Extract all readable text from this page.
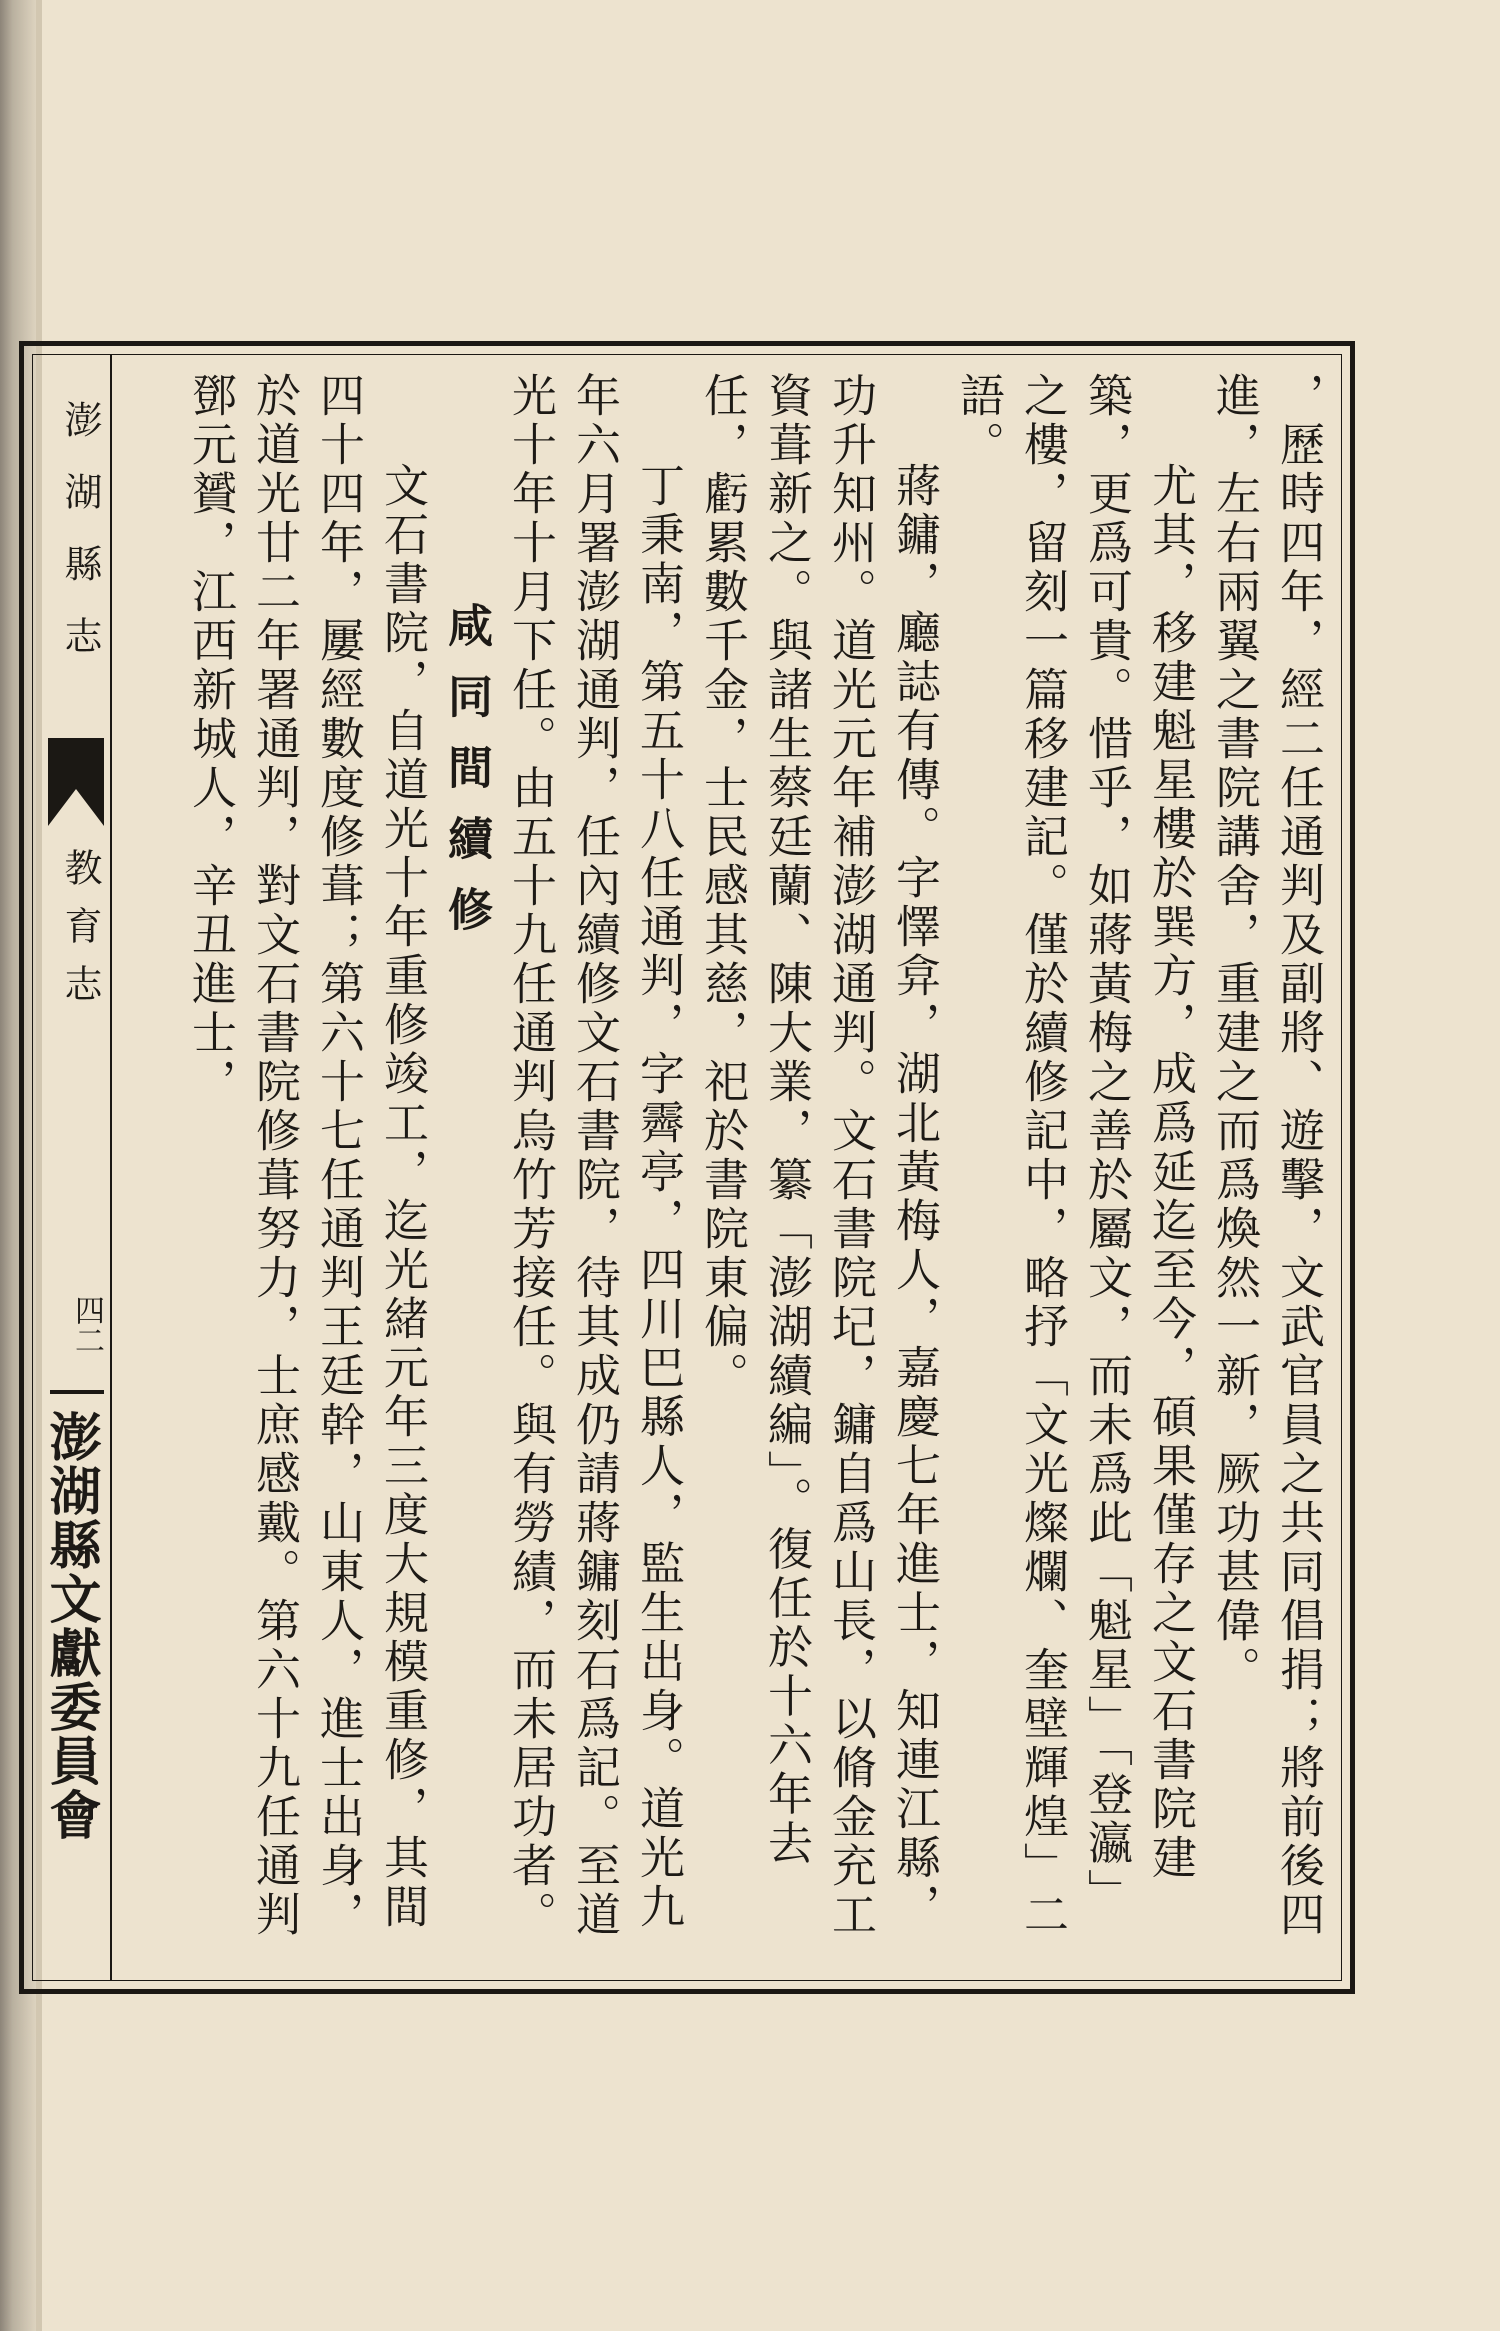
澎湖縣志
教育志
四二
澎湖縣文獻委員會	，歷時四年，經二任通判及副將、遊擊，文武官員之共同倡捐；將前後四進，左右兩翼之書院講舍，重建之而爲煥然一新，厥功甚偉。

尤其，移建魁星樓於巽方，成爲延迄至今，碩果僅存之文石書院建築，更爲可貴。惜乎，如蔣黃梅之善於屬文，而未爲此「魁星」「登瀛」之樓，留刻一篇移建記。僅於續修記中，略抒「文光燦爛、奎壁輝煌」二語。

蔣鏞，廳誌有傳。字懌弇，湖北黃梅人，嘉慶七年進士，知連江縣，功升知州。道光元年補澎湖通判。文石書院圮，鏞自爲山長，以脩金充工資葺新之。與諸生蔡廷蘭、陳大業，纂「澎湖續編」。復任於十六年去任，虧累數千金，士民感其慈，祀於書院東偏。

丁秉南，第五十八任通判，字霽亭，四川巴縣人，監生出身。道光九年六月署澎湖通判，任內續修文石書院，待其成仍請蔣鏞刻石爲記。至道光十年十月下任。由五十九任通判烏竹芳接任。與有勞績，而未居功者。

咸同間續修

文石書院，自道光十年重修竣工，迄光緒元年三度大規模重修，其間四十四年，屢經數度修葺；第六十七任通判王廷幹，山東人，進士出身，於道光廿二年署通判，對文石書院修葺努力，士庶感戴。第六十九任通判鄧元贇，江西新城人，辛丑進士，
